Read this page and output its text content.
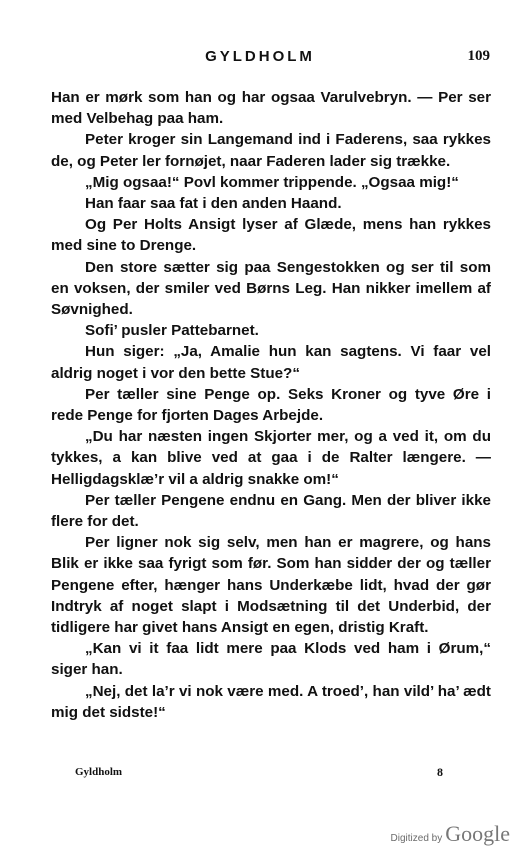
GYLDHOLM	109

Han er mørk som han og har ogsaa Varulvebryn. — Per ser med Velbehag paa ham.

Peter kroger sin Langemand ind i Faderens, saa rykkes de, og Peter ler fornøjet, naar Faderen lader sig trække.

„Mig ogsaa!“ Povl kommer trippende. „Ogsaa mig!“

Han faar saa fat i den anden Haand.

Og Per Holts Ansigt lyser af Glæde, mens han rykkes med sine to Drenge.

Den store sætter sig paa Sengestokken og ser til som en voksen, der smiler ved Børns Leg. Han nikker imellem af Søvnighed.

Sofi’ pusler Pattebarnet.

Hun siger: „Ja, Amalie hun kan sagtens. Vi faar vel aldrig noget i vor den bette Stue?“

Per tæller sine Penge op. Seks Kroner og tyve Øre i rede Penge for fjorten Dages Arbejde.

„Du har næsten ingen Skjorter mer, og a ved it, om du tykkes, a kan blive ved at gaa i de Ralter længere. — Helligdagsklæ’r vil a aldrig snakke om!“

Per tæller Pengene endnu en Gang. Men der bliver ikke flere for det.

Per ligner nok sig selv, men han er magrere, og hans Blik er ikke saa fyrigt som før. Som han sidder der og tæller Pengene efter, hænger hans Underkæbe lidt, hvad der gør Indtryk af noget slapt i Modsætning til det Underbid, der tidligere har givet hans Ansigt en egen, dristig Kraft.

„Kan vi it faa lidt mere paa Klods ved ham i Ørum,“ siger han.

„Nej, det la’r vi nok være med. A troed’, han vild’ ha’ ædt mig det sidste!“

Gyldholm	8
Digitized by Google
